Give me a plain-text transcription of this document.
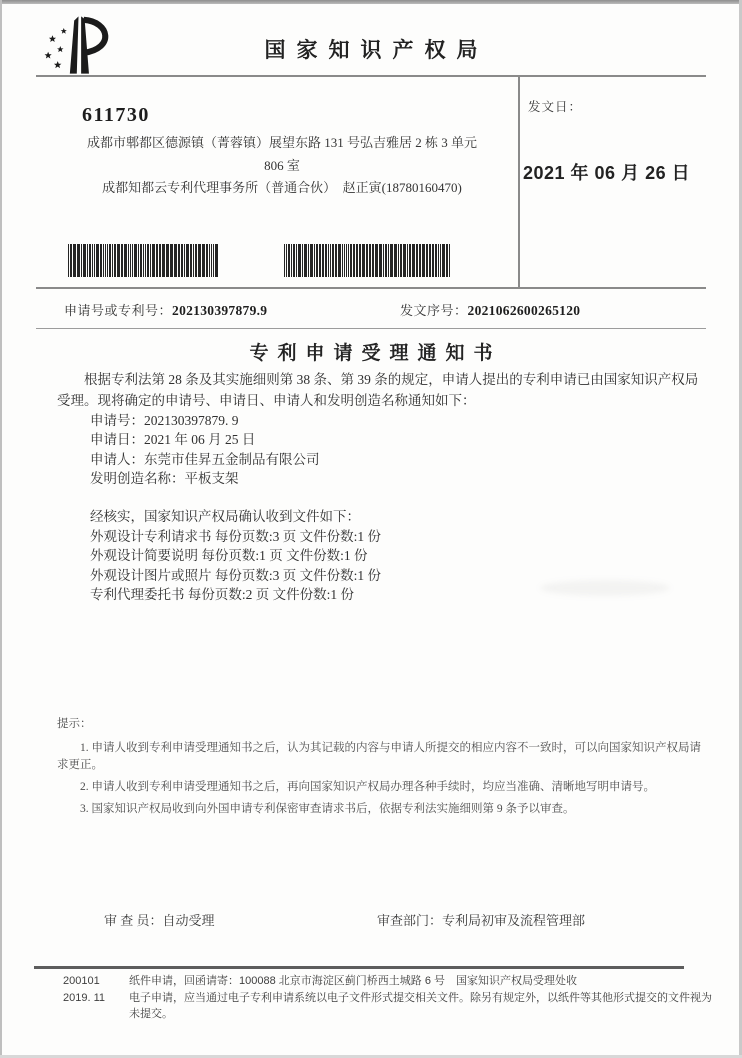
国家知识产权局
发文日：
2021 年 06 月 26 日
611730
成都市郫都区德源镇（菁蓉镇）展望东路 131 号弘吉雅居 2 栋 3 单元
806 室
成都知都云专利代理事务所（普通合伙）　赵正寅(18780160470)
申请号或专利号：202130397879.9	发文序号：2021062600265120
专利申请受理通知书
根据专利法第 28 条及其实施细则第 38 条、第 39 条的规定，申请人提出的专利申请已由国家知识产权局受理。现将确定的申请号、申请日、申请人和发明创造名称通知如下：
申请号：202130397879. 9
申请日：2021 年 06 月 25 日
申请人：东莞市佳昇五金制品有限公司
发明创造名称：平板支架
经核实，国家知识产权局确认收到文件如下：
外观设计专利请求书 每份页数:3 页 文件份数:1 份
外观设计简要说明 每份页数:1 页 文件份数:1 份
外观设计图片或照片 每份页数:3 页 文件份数:1 份
专利代理委托书 每份页数:2 页 文件份数:1 份
提示：
1. 申请人收到专利申请受理通知书之后，认为其记载的内容与申请人所提交的相应内容不一致时，可以向国家知识产权局请求更正。
2. 申请人收到专利申请受理通知书之后，再向国家知识产权局办理各种手续时，均应当准确、清晰地写明申请号。
3. 国家知识产权局收到向外国申请专利保密审查请求书后，依据专利法实施细则第 9 条予以审查。
审 查 员：自动受理	审查部门：专利局初审及流程管理部
200101
2019. 11
纸件申请，回函请寄：100088 北京市海淀区蓟门桥西土城路 6 号　国家知识产权局受理处收
电子申请，应当通过电子专利申请系统以电子文件形式提交相关文件。除另有规定外，以纸件等其他形式提交的文件视为未提交。
